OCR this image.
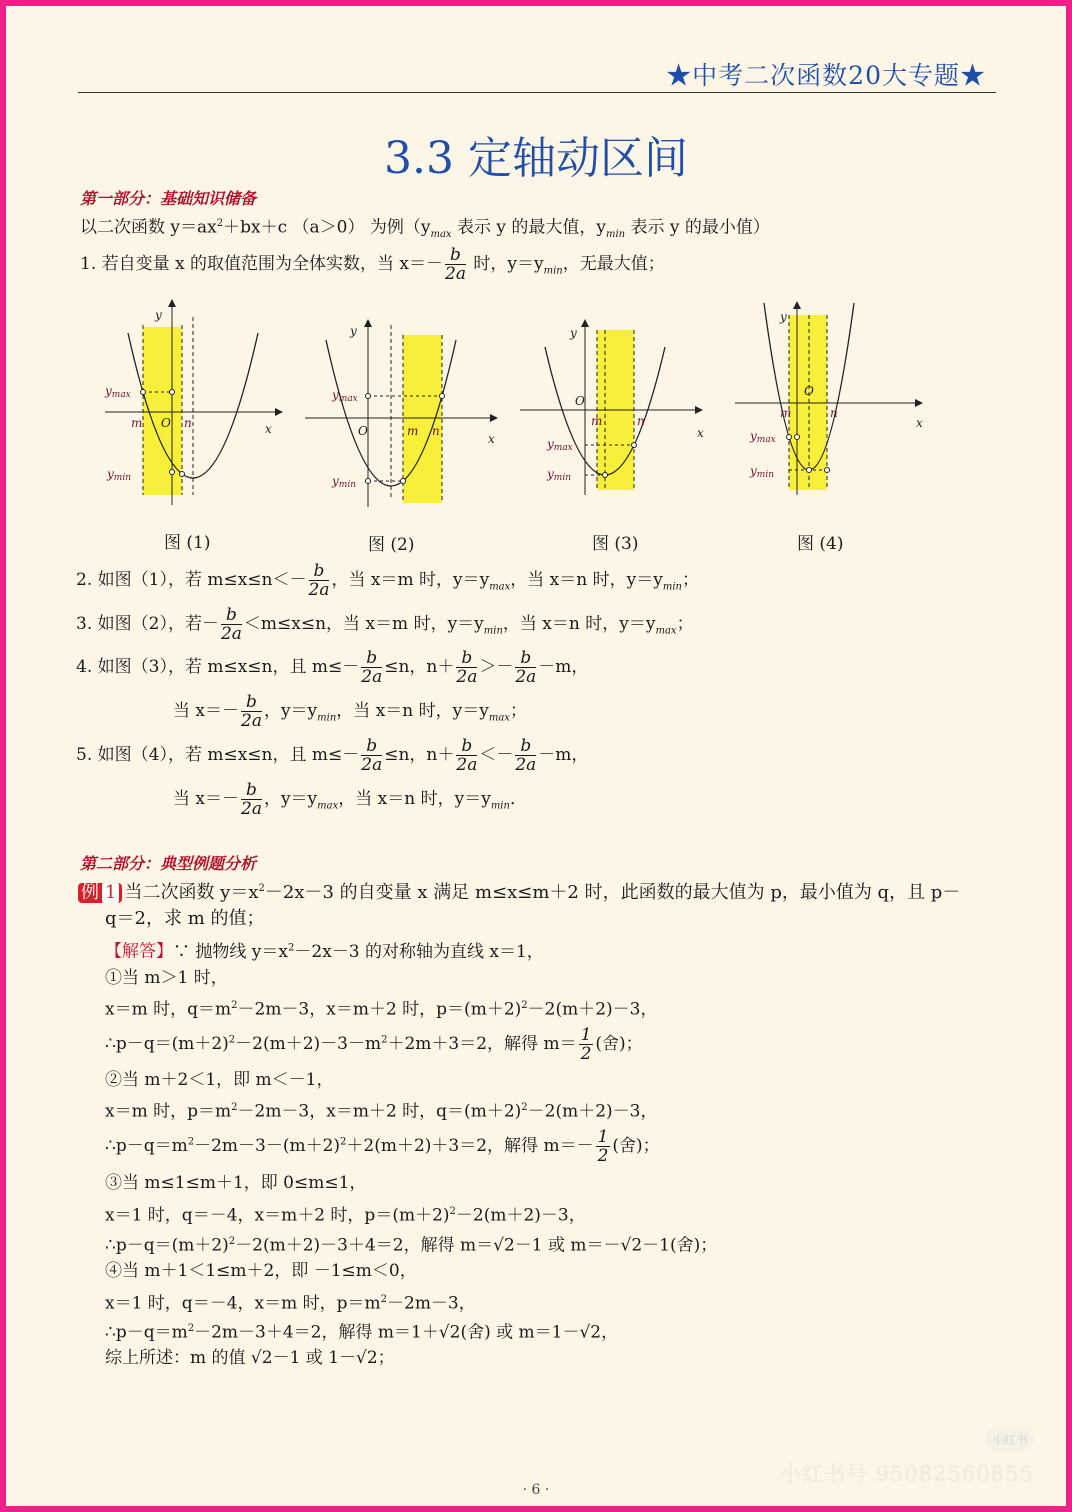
★中考二次函数20大专题★
3.3 定轴动区间
第一部分：基础知识储备
以二次函数 $y=ax^2+bx+c$ （a＞0） 为例（$y_{max}$ 表示 y 的最大值，$y_{min}$ 表示 y 的最小值）
1. 若自变量 x 的取值范围为全体实数，当 $x=- \frac{b}{2a}$ 时，$y=y_{min}$，无最大值；
y
x
O
m	n
ymax
ymin
y
x
O	m n
ymax
ymin
y
x
O
m	n
ymax
ymin
y
x
O
m	n
ymax
ymin
图 (1)	图 (2)	图 (3)	图 (4)
2. 如图（1），若 $m\le x\le n<- \frac{b}{2a}$ ，当 x＝m 时，$y=y_{max}$，当 x＝n 时，$y=y_{min}$；
3. 如图（2），若－ $\frac{b}{2a} <m\le x\le n$，当 x＝m 时，$y=y_{min}$，当 x＝n 时，$y=y_{max}$；
4. 如图（3），若 m≤x≤n，且 $m\le- \frac{b}{2a} \le n$，$n+ \frac{b}{2a} >- \frac{b}{2a} -m$，
当 $x=- \frac{b}{2a}$ ，$y=y_{min}$，当 x＝n 时，$y=y_{max}$；
5. 如图（4），若 m≤x≤n，且 $m\le- \frac{b}{2a} \le n$，$n+ \frac{b}{2a} <- \frac{b}{2a} -m$，
当 $x=- \frac{b}{2a}$ ，$y=y_{max}$，当 x＝n 时，$y=y_{min}$．
第二部分：典型例题分析
例 1 当二次函数 $y=x^2-2x-3$ 的自变量 x 满足 m≤x≤m＋2 时，此函数的最大值为 p，最小值为 q，且 p－
q＝2，求 m 的值；
【解答】∵ 抛物线 $y=x^2-2x-3$ 的对称轴为直线 x＝1，
①当 m＞1 时，
x＝m 时，$q=m^2-2m-3$，x＝m＋2 时，$p=(m+2)^2-2(m+2)-3$，
$\therefore p-q=(m+2)^2-2(m+2)-3-m^2+2m+3=2$，解得 $m= \frac{1}{2}$ (舍)；
②当 m＋2＜1，即 m＜－1，
x＝m 时，$p=m^2-2m-3$，x＝m＋2 时，$q=(m+2)^2-2(m+2)-3$，
$\therefore p-q=m^2-2m-3-(m+2)^2+2(m+2)+3=2$，解得 $m=- \frac{1}{2}$ (舍)；
③当 m≤1≤m＋1，即 0≤m≤1，
x＝1 时，q＝－4，x＝m＋2 时，$p=(m+2)^2-2(m+2)-3$，
$\therefore p-q=(m+2)^2-2(m+2)-3+4=2$，解得 m＝√2－1 或 m＝－√2－1(舍)；
④当 m＋1＜1≤m＋2，即 －1≤m＜0，
x＝1 时，q＝－4，x＝m 时，$p=m^2-2m-3$，
$\therefore p-q=m^2-2m-3+4=2$，解得 m＝1＋√2(舍) 或 m＝1－√2，
综上所述：m 的值 √2－1 或 1－√2；
小红书
小红书号 9508256085​5
· 6 ·
